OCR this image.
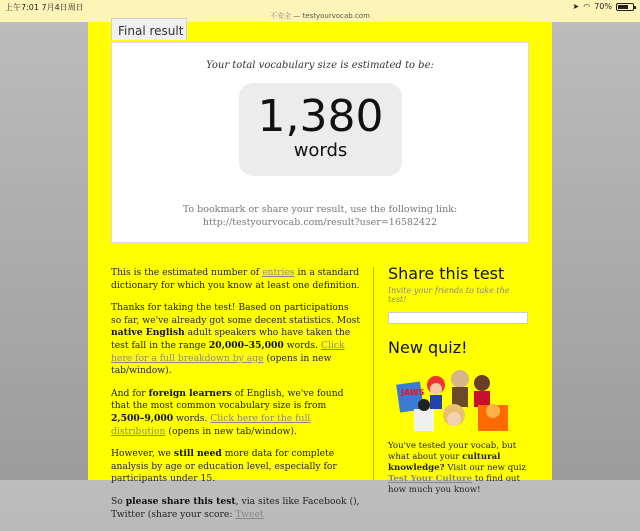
上午7:01 7月4日周日
不安全 — testyourvocab.com
➤ ◠ 70%
Final result
Your total vocabulary size is estimated to be:
1,380
words
To bookmark or share your result, use the following link:
http://testyourvocab.com/result?user=16582422

This is the estimated number of entries in a standard dictionary for which you know at least one definition.

Thanks for taking the test! Based on participations so far, we've already got some decent statistics. Most native English adult speakers who have taken the test fall in the range 20,000–35,000 words. Click here for a full breakdown by age (opens in new tab/window).

And for foreign learners of English, we've found that the most common vocabulary size is from 2,500–9,000 words. Click here for the full distribution (opens in new tab/window).

However, we still need more data for complete analysis by age or education level, especially for participants under 15.

So please share this test, via sites like Facebook (), Twitter (share your score: Tweet

Share this test
Invite your friends to take the test!
New quiz!
JAWS
You've tested your vocab, but what about your cultural knowledge? Visit our new quiz Test Your Culture to find out how much you know!
